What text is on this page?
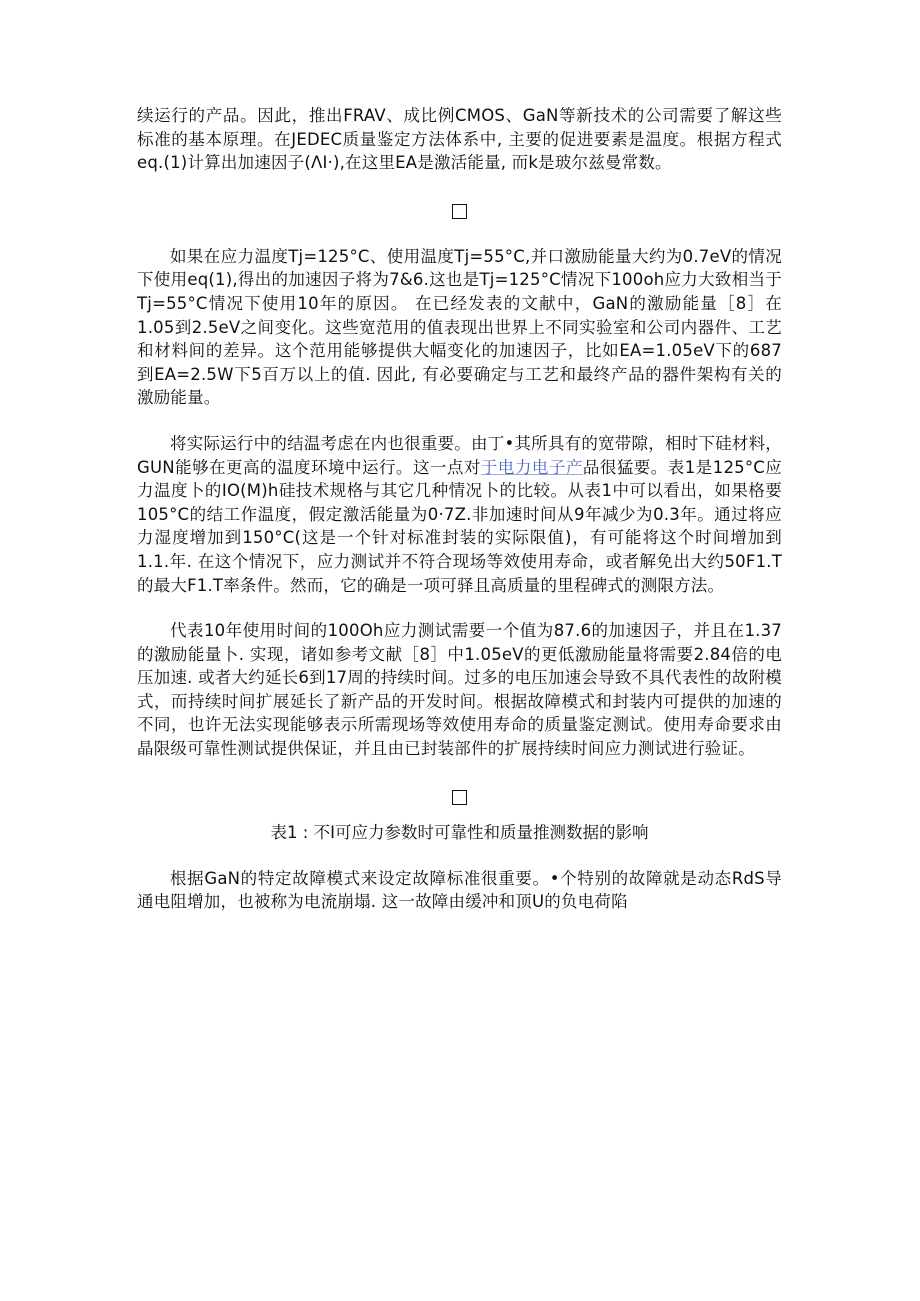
续运行的产品。因此，推出FRAV、成比例CMOS、GaN等新技术的公司需要了解这些标准的基本原理。在JEDEC质量鉴定方法体系中, 主要的促进要素是温度。根据方程式eq.(1)计算出加速因子(ΛI·),在这里EA是激活能量, 而k是玻尔兹曼常数。

如果在应力温度Tj=125°C、使用温度Tj=55°C,并口激励能量大约为0.7eV的情况下使用eq(1),得出的加速因子将为7&6.这也是Tj=125°C情况下100oh应力大致相当于Tj=55°C情况下使用10年的原因。 在已经发表的文献中，GaN的激励能量［8］在1.05到2.5eV之间变化。这些宽范用的值表现出世界上不同实验室和公司内器件、工艺和材料间的差异。这个范用能够提供大幅变化的加速因子，比如EA=1.05eV下的687到EA=2.5W下5百万以上的值. 因此, 有必要确定与工艺和最终产品的器件架构有关的激励能量。

将实际运行中的结温考虑在内也很重要。由丁•其所具有的宽带隙，相时下硅材料，GUN能够在更高的温度环境中运行。这一点对于电力电子产品很猛要。表1是125°C应力温度卜的IO(M)h硅技术规格与其它几种情况卜的比较。从表1中可以看出，如果格要105°C的结工作温度，假定激活能量为0·7Z.非加速时间从9年减少为0.3年。通过将应力湿度增加到150°C(这是一个针对标准封装的实际限值)，有可能将这个时间增加到1.1.年. 在这个情况下，应力测试并不符合现场等效使用寿命，或者解免出大约50F1.T的最大F1.T率条件。然而，它的确是一项可驿且高质量的里程碑式的测限方法。

代表10年使用时间的100Oh应力测试需要一个值为87.6的加速因子，并且在1.37的激励能量卜. 实现，诸如参考文献［8］中1.05eV的更低激励能量将需要2.84倍的电压加速. 或者大约延长6到17周的持续时间。过多的电压加速会导致不具代表性的故附模式，而持续时间扩展延长了新产品的开发时间。根据故障模式和封装内可提供的加速的不同，也许无法实现能够表示所需现场等效使用寿命的质量鉴定测试。使用寿命要求由晶限级可靠性测试提供保证，并且由已封装部件的扩展持续时间应力测试进行验证。

表1 : 不I可应力参数时可靠性和质量推测数据的影响

根据GaN的特定故障模式来设定故障标准很重要。•个特别的故障就是动态RdS导通电阻增加，也被称为电流崩塌. 这一故障由缓冲和顶U的负电荷陷
